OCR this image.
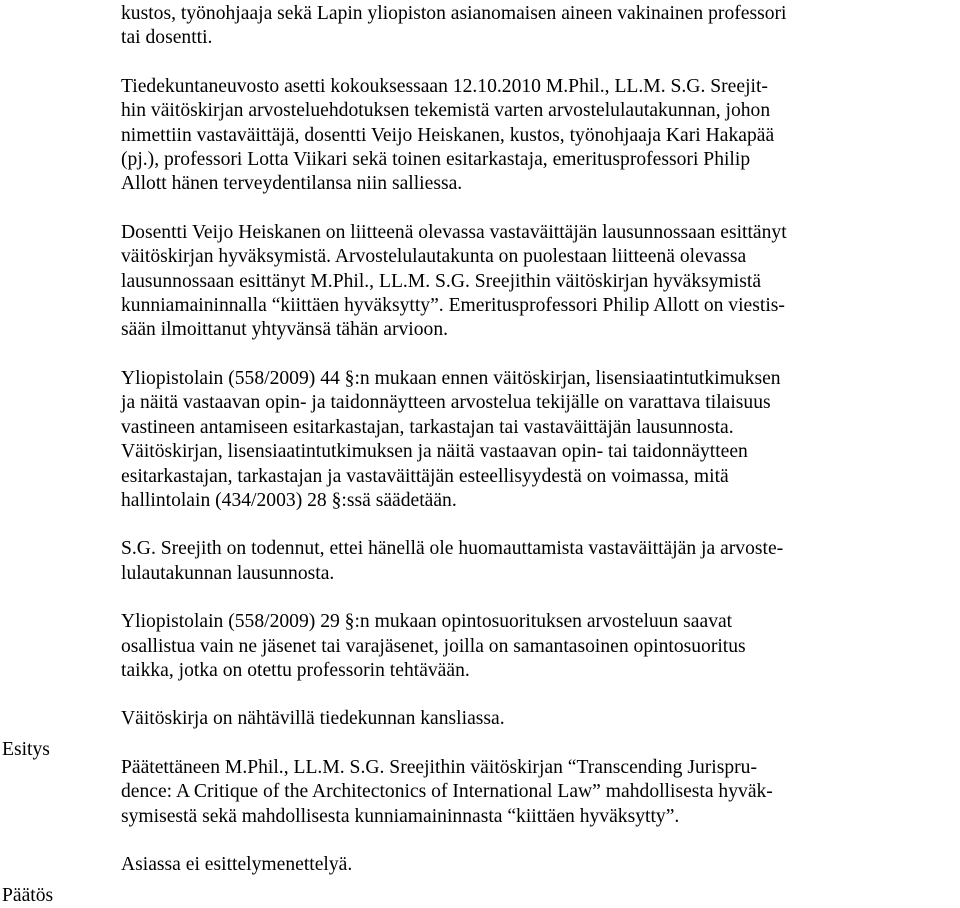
Esitys
Päätös

kustos, työnohjaaja sekä Lapin yliopiston asianomaisen aineen vakinainen professori
tai dosentti.

Tiedekuntaneuvosto asetti kokouksessaan 12.10.2010 M.Phil., LL.M. S.G. Sreejit-
hin väitöskirjan arvosteluehdotuksen tekemistä varten arvostelulautakunnan, johon
nimettiin vastaväittäjä, dosentti Veijo Heiskanen, kustos, työnohjaaja Kari Hakapää
(pj.), professori Lotta Viikari sekä toinen esitarkastaja, emeritusprofessori Philip
Allott hänen terveydentilansa niin salliessa.

Dosentti Veijo Heiskanen on liitteenä olevassa vastaväittäjän lausunnossaan esittänyt
väitöskirjan hyväksymistä. Arvostelulautakunta on puolestaan liitteenä olevassa
lausunnossaan esittänyt M.Phil., LL.M. S.G. Sreejithin väitöskirjan hyväksymistä
kunniamaininnalla “kiittäen hyväksytty”. Emeritusprofessori Philip Allott on viestis-
sään ilmoittanut yhtyvänsä tähän arvioon.

Yliopistolain (558/2009) 44 §:n mukaan ennen väitöskirjan, lisensiaatintutkimuksen
ja näitä vastaavan opin- ja taidonnäytteen arvostelua tekijälle on varattava tilaisuus
vastineen antamiseen esitarkastajan, tarkastajan tai vastaväittäjän lausunnosta.
Väitöskirjan, lisensiaatintutkimuksen ja näitä vastaavan opin- tai taidonnäytteen
esitarkastajan, tarkastajan ja vastaväittäjän esteellisyydestä on voimassa, mitä
hallintolain (434/2003) 28 §:ssä säädetään.

S.G. Sreejith on todennut, ettei hänellä ole huomauttamista vastaväittäjän ja arvoste-
lulautakunnan lausunnosta.

Yliopistolain (558/2009) 29 §:n mukaan opintosuorituksen arvosteluun saavat
osallistua vain ne jäsenet tai varajäsenet, joilla on samantasoinen opintosuoritus
taikka, jotka on otettu professorin tehtävään.

Väitöskirja on nähtävillä tiedekunnan kansliassa.

Päätettäneen M.Phil., LL.M. S.G. Sreejithin väitöskirjan “Transcending Jurispru-
dence: A Critique of the Architectonics of International Law” mahdollisesta hyväk-
symisestä sekä mahdollisesta kunniamaininnasta “kiittäen hyväksytty”.

Asiassa ei esittelymenettelyä.
